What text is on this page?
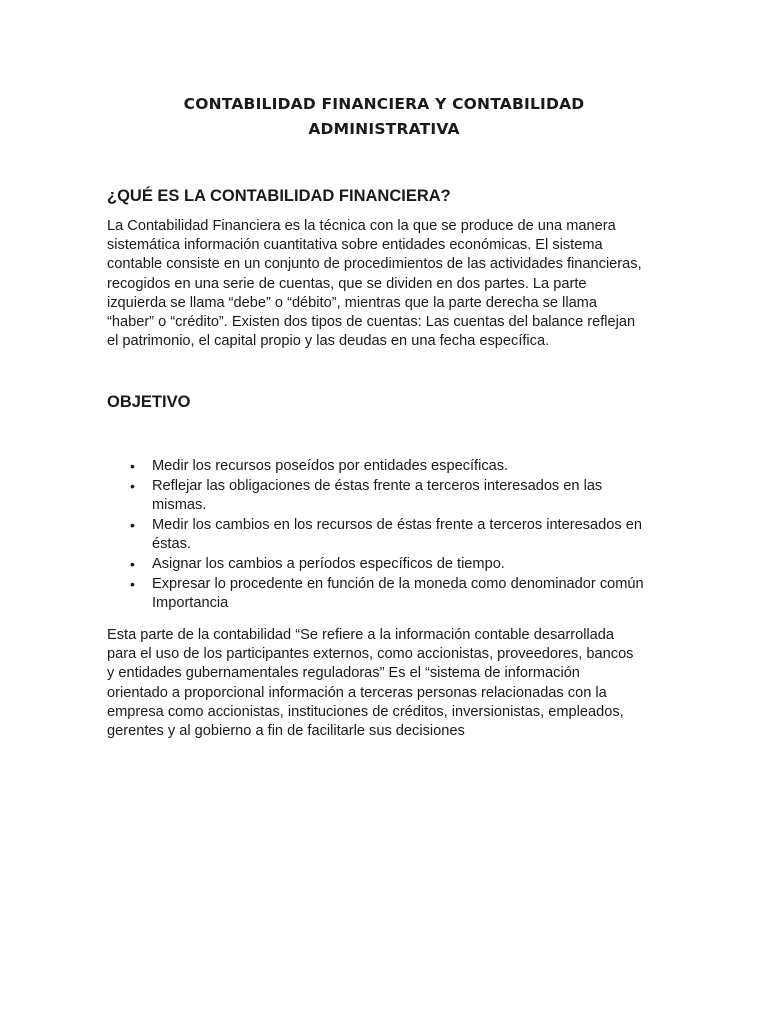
CONTABILIDAD FINANCIERA Y CONTABILIDAD
ADMINISTRATIVA
¿QUÉ ES LA CONTABILIDAD FINANCIERA?

La Contabilidad Financiera es la técnica con la que se produce de una manera
sistemática información cuantitativa sobre entidades económicas. El sistema
contable consiste en un conjunto de procedimientos de las actividades financieras,
recogidos en una serie de cuentas, que se dividen en dos partes. La parte
izquierda se llama “debe” o “débito”, mientras que la parte derecha se llama
“haber” o “crédito”. Existen dos tipos de cuentas: Las cuentas del balance reflejan
el patrimonio, el capital propio y las deudas en una fecha específica.

OBJETIVO
• Medir los recursos poseídos por entidades específicas.
• Reflejar las obligaciones de éstas frente a terceros interesados en las
mismas.
• Medir los cambios en los recursos de éstas frente a terceros interesados en
éstas.
• Asignar los cambios a períodos específicos de tiempo.
• Expresar lo procedente en función de la moneda como denominador común
Importancia

Esta parte de la contabilidad “Se refiere a la información contable desarrollada
para el uso de los participantes externos, como accionistas, proveedores, bancos
y entidades gubernamentales reguladoras” Es el “sistema de información
orientado a proporcional información a terceras personas relacionadas con la
empresa como accionistas, instituciones de créditos, inversionistas, empleados,
gerentes y al gobierno a fin de facilitarle sus decisiones
